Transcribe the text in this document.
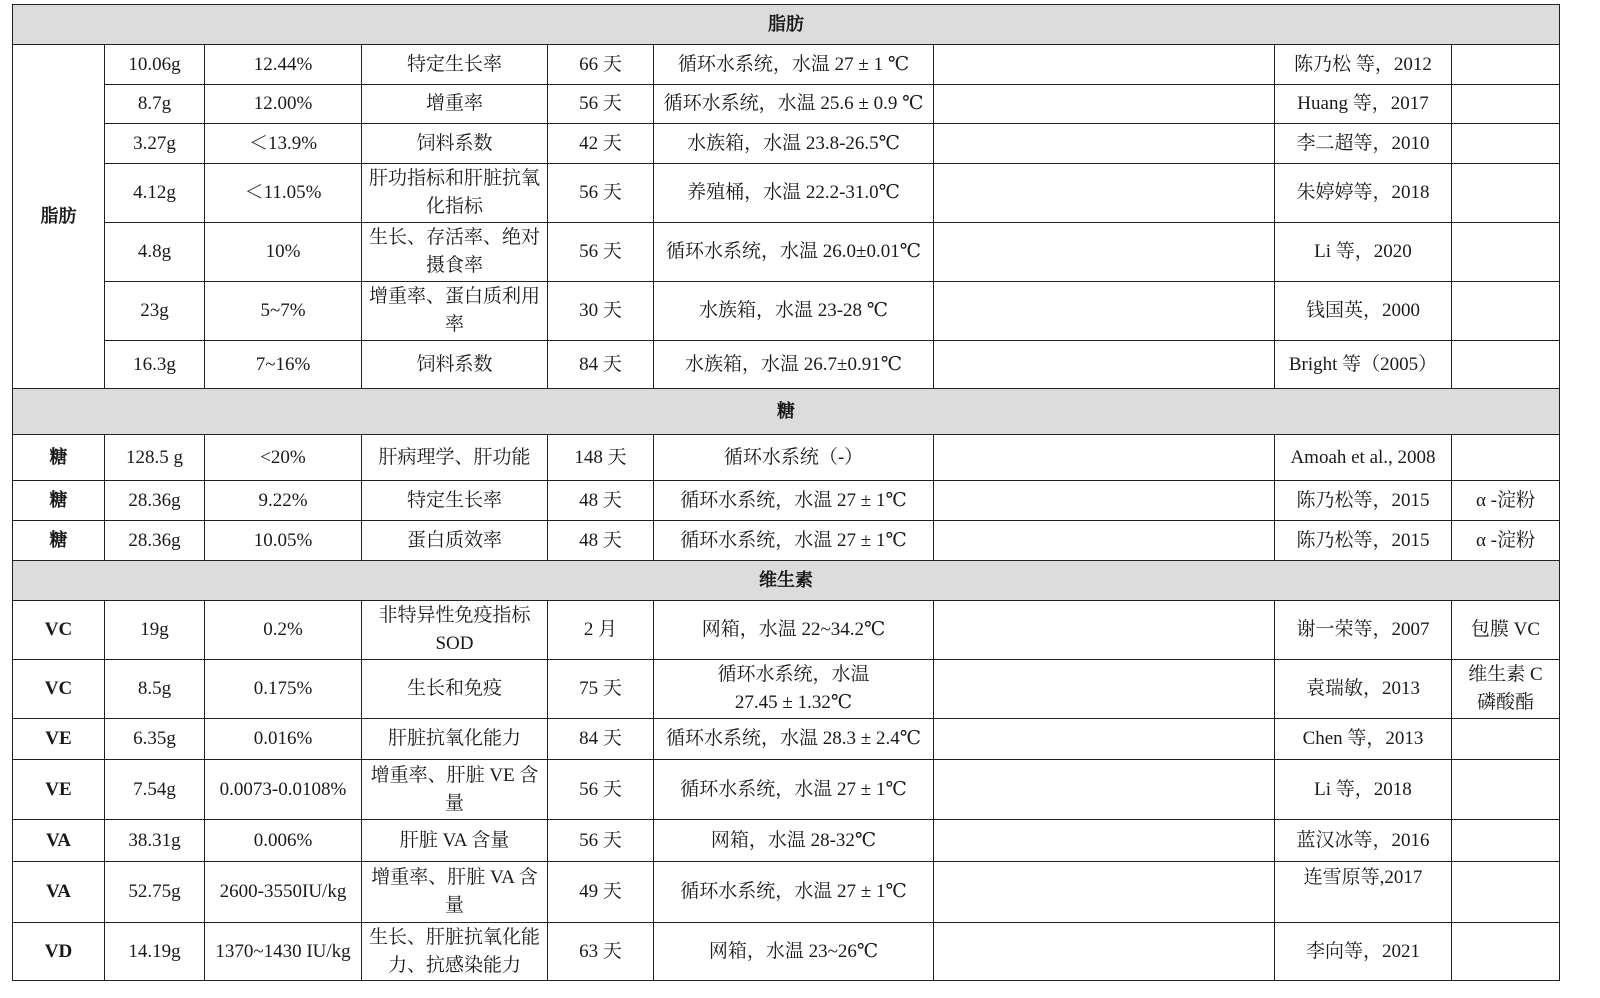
脂肪								
脂肪	10.06g	12.44%	特定生长率	66 天	循环水系统，水温 27 ± 1 ℃		陈乃松 等，2012	
	8.7g	12.00%	增重率	56 天	循环水系统，水温 25.6 ± 0.9 ℃		Huang 等，2017	
	3.27g	＜13.9%	饲料系数	42 天	水族箱，水温 23.8-26.5℃		李二超等，2010	
	4.12g	＜11.05%	肝功指标和肝脏抗氧化指标	56 天	养殖桶，水温 22.2-31.0℃		朱婷婷等，2018	
	4.8g	10%	生长、存活率、绝对摄食率	56 天	循环水系统，水温 26.0±0.01℃		Li 等，2020	
	23g	5~7%	增重率、蛋白质利用率	30 天	水族箱，水温 23-28 ℃		钱国英，2000	
	16.3g	7~16%	饲料系数	84 天	水族箱，水温 26.7±0.91℃		Bright 等（2005）	
糖								
糖	128.5 g	<20%	肝病理学、肝功能	148 天	循环水系统（-）		Amoah et al., 2008	
糖	28.36g	9.22%	特定生长率	48 天	循环水系统，水温 27 ± 1℃		陈乃松等，2015	α -淀粉
糖	28.36g	10.05%	蛋白质效率	48 天	循环水系统，水温 27 ± 1℃		陈乃松等，2015	α -淀粉
维生素								
VC	19g	0.2%	非特异性免疫指标 SOD	2 月	网箱，水温 22~34.2℃		谢一荣等，2007	包膜 VC
VC	8.5g	0.175%	生长和免疫	75 天	循环水系统，水温 27.45 ± 1.32℃		袁瑞敏，2013	维生素 C 磷酸酯
VE	6.35g	0.016%	肝脏抗氧化能力	84 天	循环水系统，水温 28.3 ± 2.4℃		Chen 等，2013	
VE	7.54g	0.0073-0.0108%	增重率、肝脏 VE 含量	56 天	循环水系统，水温 27 ± 1℃		Li 等，2018	
VA	38.31g	0.006%	肝脏 VA 含量	56 天	网箱，水温 28-32℃		蓝汉冰等，2016	
VA	52.75g	2600-3550IU/kg	增重率、肝脏 VA 含量	49 天	循环水系统，水温 27 ± 1℃		连雪原等,2017	
VD	14.19g	1370~1430 IU/kg	生长、肝脏抗氧化能力、抗感染能力	63 天	网箱，水温 23~26℃		李向等，2021	
